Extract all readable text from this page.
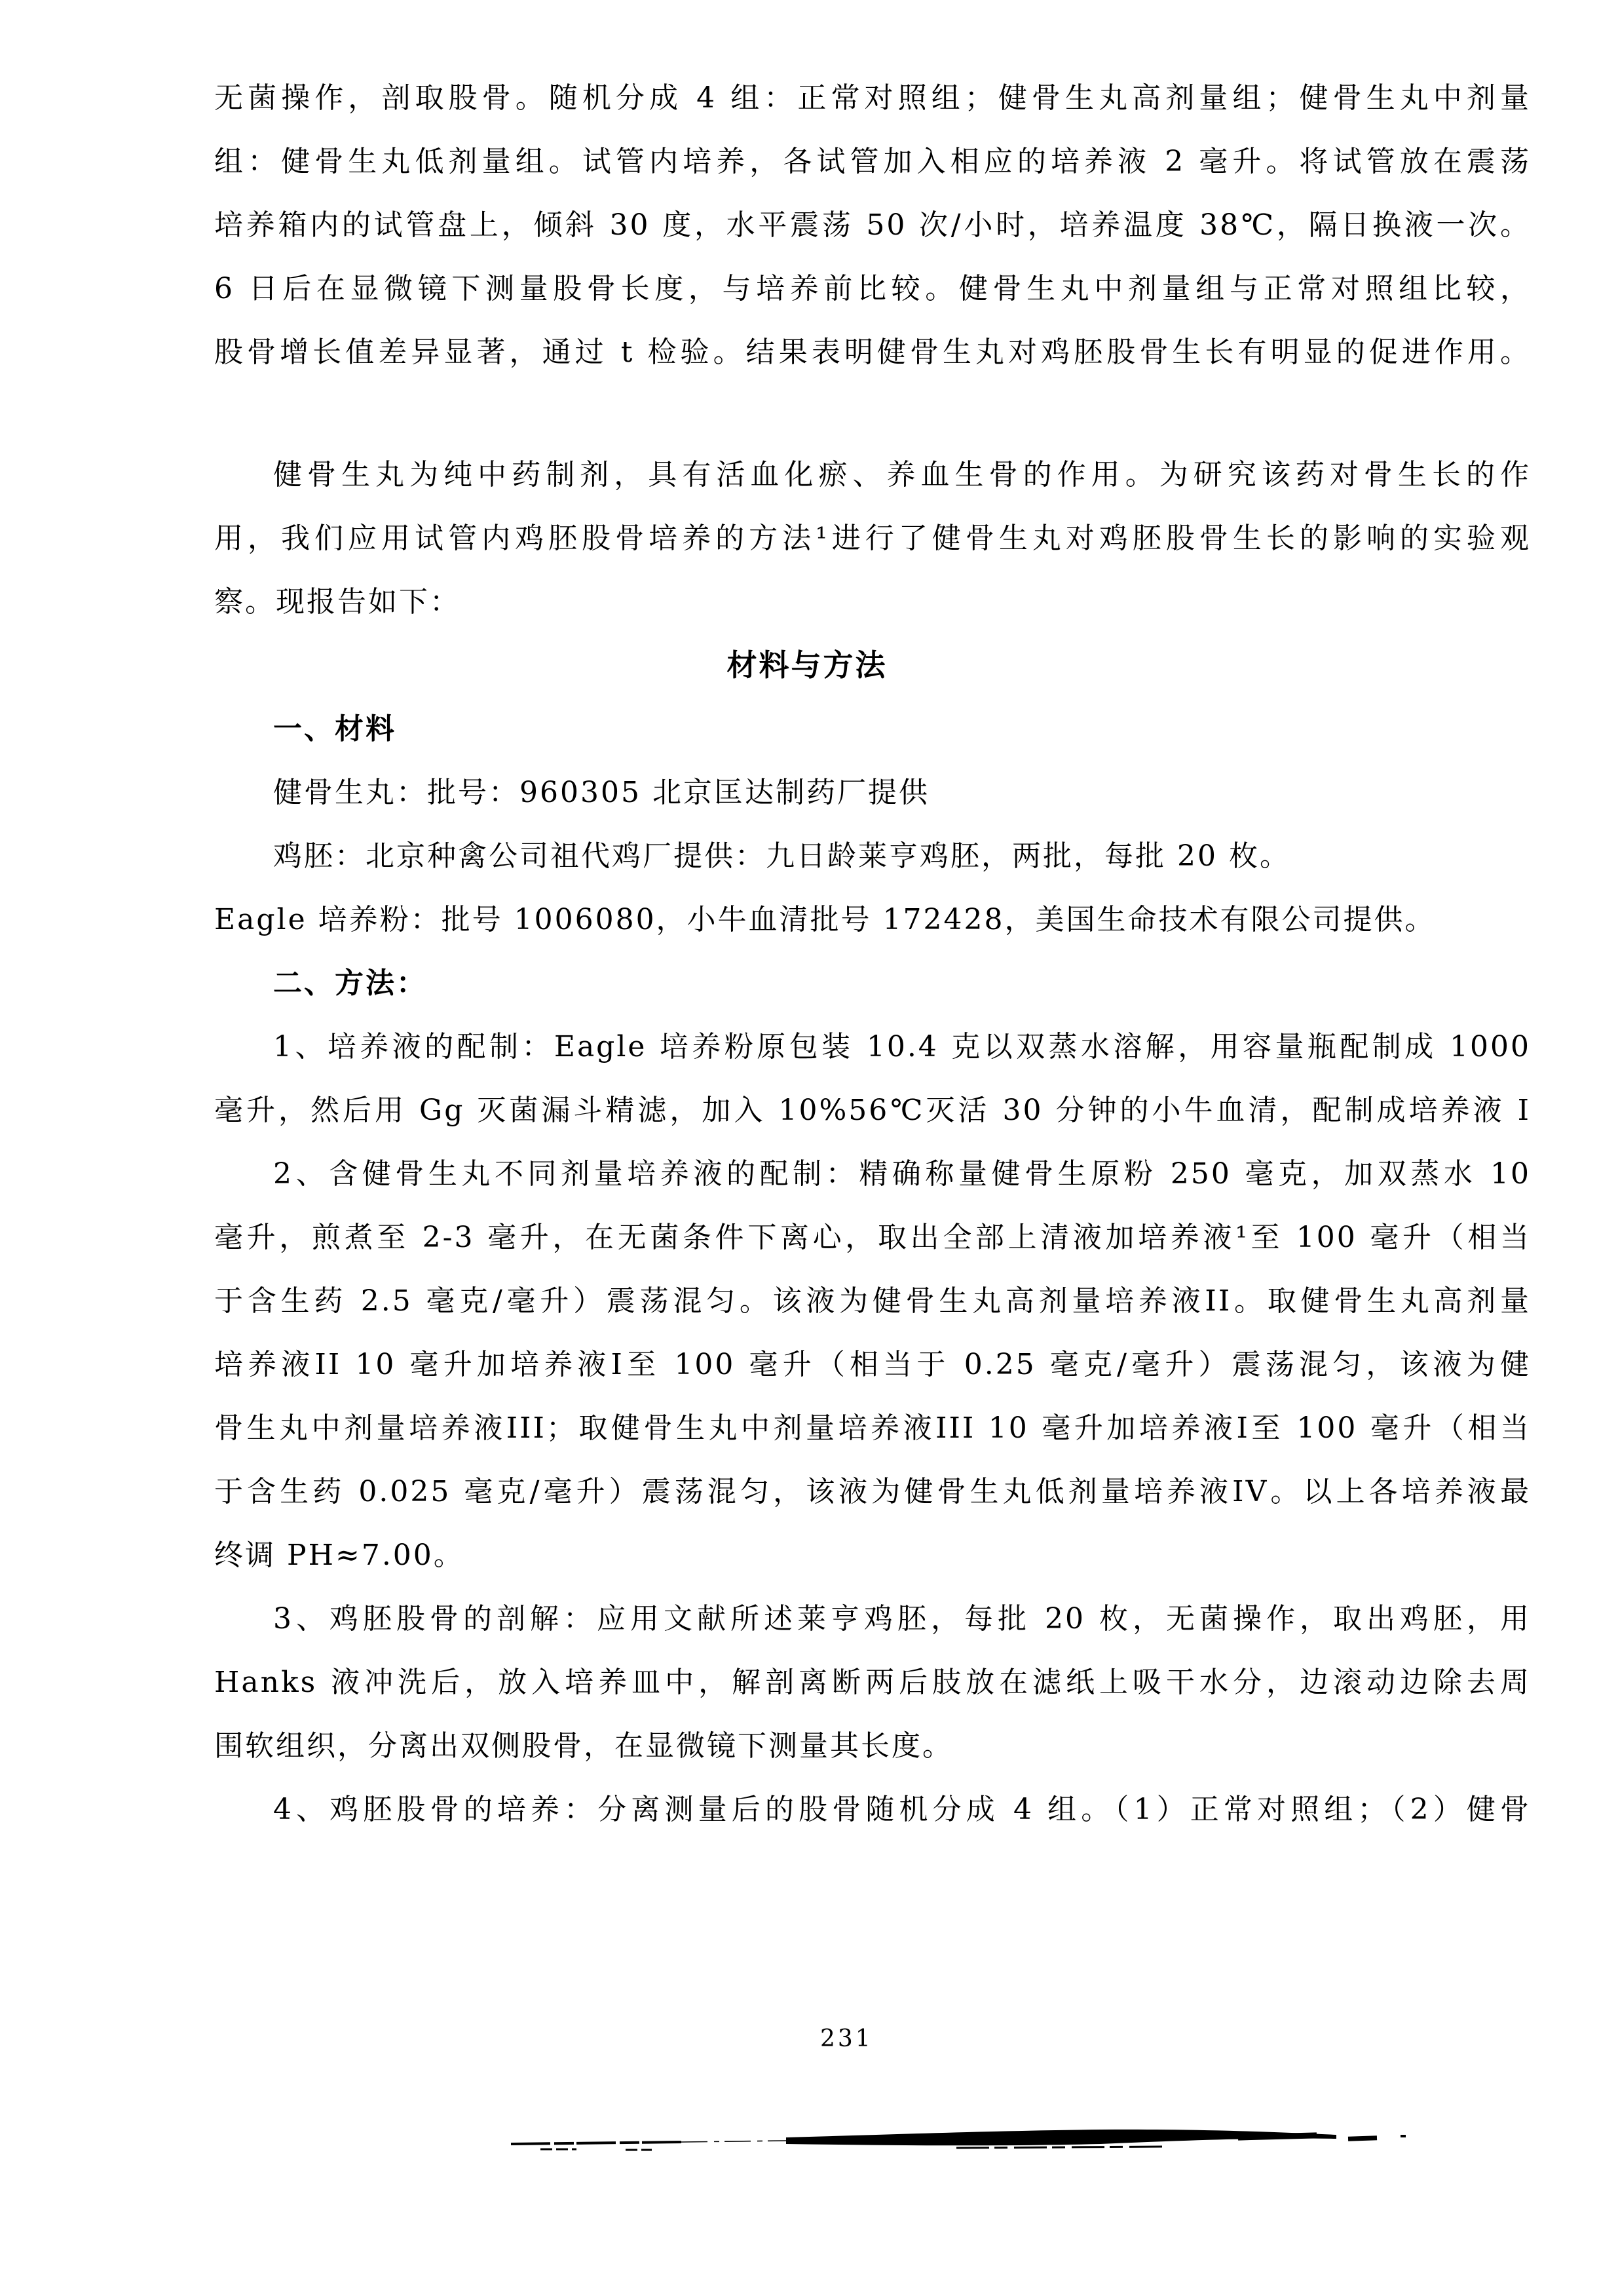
无菌操作，剖取股骨。随机分成 4 组：正常对照组；健骨生丸高剂量组；健骨生丸中剂量
组：健骨生丸低剂量组。试管内培养，各试管加入相应的培养液 2 毫升。将试管放在震荡
培养箱内的试管盘上，倾斜 30 度，水平震荡 50 次/小时，培养温度 38℃，隔日换液一次。
6 日后在显微镜下测量股骨长度，与培养前比较。健骨生丸中剂量组与正常对照组比较，
股骨增长值差异显著，通过 t 检验。结果表明健骨生丸对鸡胚股骨生长有明显的促进作用。
健骨生丸为纯中药制剂，具有活血化瘀、养血生骨的作用。为研究该药对骨生长的作
用，我们应用试管内鸡胚股骨培养的方法¹进行了健骨生丸对鸡胚股骨生长的影响的实验观
察。现报告如下：
材料与方法
一、材料
健骨生丸：批号：960305 北京匡达制药厂提供
鸡胚：北京种禽公司祖代鸡厂提供：九日龄莱亨鸡胚，两批，每批 20 枚。
Eagle 培养粉：批号 1006080，小牛血清批号 172428，美国生命技术有限公司提供。
二、方法：
1、培养液的配制：Eagle 培养粉原包装 10.4 克以双蒸水溶解，用容量瓶配制成 1000
毫升，然后用 Gg 灭菌漏斗精滤，加入 10%56℃灭活 30 分钟的小牛血清，配制成培养液 I
2、含健骨生丸不同剂量培养液的配制：精确称量健骨生原粉 250 毫克，加双蒸水 10
毫升，煎煮至 2-3 毫升，在无菌条件下离心，取出全部上清液加培养液¹至 100 毫升（相当
于含生药 2.5 毫克/毫升）震荡混匀。该液为健骨生丸高剂量培养液II。取健骨生丸高剂量
培养液II 10 毫升加培养液I至 100 毫升（相当于 0.25 毫克/毫升）震荡混匀，该液为健
骨生丸中剂量培养液III；取健骨生丸中剂量培养液III 10 毫升加培养液I至 100 毫升（相当
于含生药 0.025 毫克/毫升）震荡混匀，该液为健骨生丸低剂量培养液IV。以上各培养液最
终调 PH≈7.00。
3、鸡胚股骨的剖解：应用文献所述莱亨鸡胚，每批 20 枚，无菌操作，取出鸡胚，用
Hanks 液冲洗后，放入培养皿中，解剖离断两后肢放在滤纸上吸干水分，边滚动边除去周
围软组织，分离出双侧股骨，在显微镜下测量其长度。
4、鸡胚股骨的培养：分离测量后的股骨随机分成 4 组。（1）正常对照组；（2）健骨
231
